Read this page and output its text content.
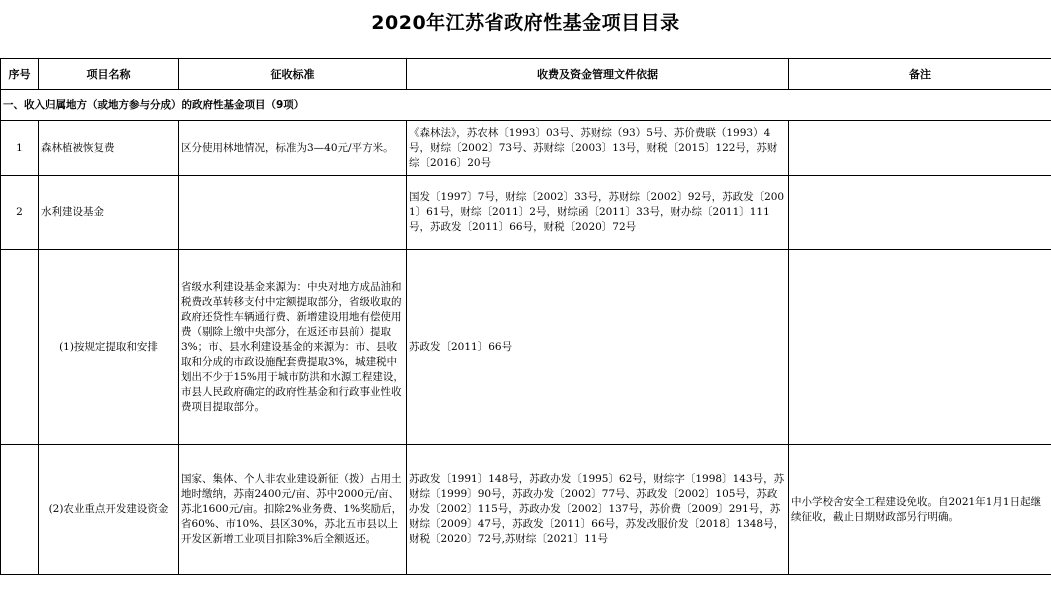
2020年江苏省政府性基金项目目录
序号	项目名称	征收标准	收费及资金管理文件依据	备注
一、收入归属地方（或地方参与分成）的政府性基金项目（9项）				
1	森林植被恢复费	区分使用林地情况，标准为3—40元/平方米。	《森林法》，苏农林〔1993〕03号、苏财综（93）5号、苏价费联（1993）4号，财综〔2002〕73号、苏财综〔2003〕13号，财税〔2015〕122号，苏财综〔2016〕20号	
2	水利建设基金		国发〔1997〕7号，财综〔2002〕33号，苏财综〔2002〕92号，苏政发〔2001〕61号，财综〔2011〕2号，财综函〔2011〕33号，财办综〔2011〕111号，苏政发〔2011〕66号，财税〔2020〕72号	
	(1)按规定提取和安排	省级水利建设基金来源为：中央对地方成品油和税费改革转移支付中定额提取部分，省级收取的政府还贷性车辆通行费、新增建设用地有偿使用费（剔除上缴中央部分，在返还市县前）提取3%；市、县水利建设基金的来源为：市、县收取和分成的市政设施配套费提取3%，城建税中划出不少于15%用于城市防洪和水源工程建设，市县人民政府确定的政府性基金和行政事业性收费项目提取部分。	苏政发〔2011〕66号	
	(2)农业重点开发建设资金	国家、集体、个人非农业建设新征（拨）占用土地时缴纳，苏南2400元/亩、苏中2000元/亩、苏北1600元/亩。扣除2%业务费、1%奖励后，省60%、市10%、县区30%，苏北五市县以上开发区新增工业项目扣除3%后全额返还。	苏政发〔1991〕148号，苏政办发〔1995〕62号，财综字〔1998〕143号，苏财综〔1999〕90号，苏政办发〔2002〕77号、苏政发〔2002〕105号，苏政办发〔2002〕115号，苏政办发〔2002〕137号，苏价费〔2009〕291号，苏财综〔2009〕47号，苏政发〔2011〕66号，苏发改服价发〔2018〕1348号，财税〔2020〕72号,苏财综〔2021〕11号	中小学校舍安全工程建设免收。自2021年1月1日起继续征收，截止日期财政部另行明确。
